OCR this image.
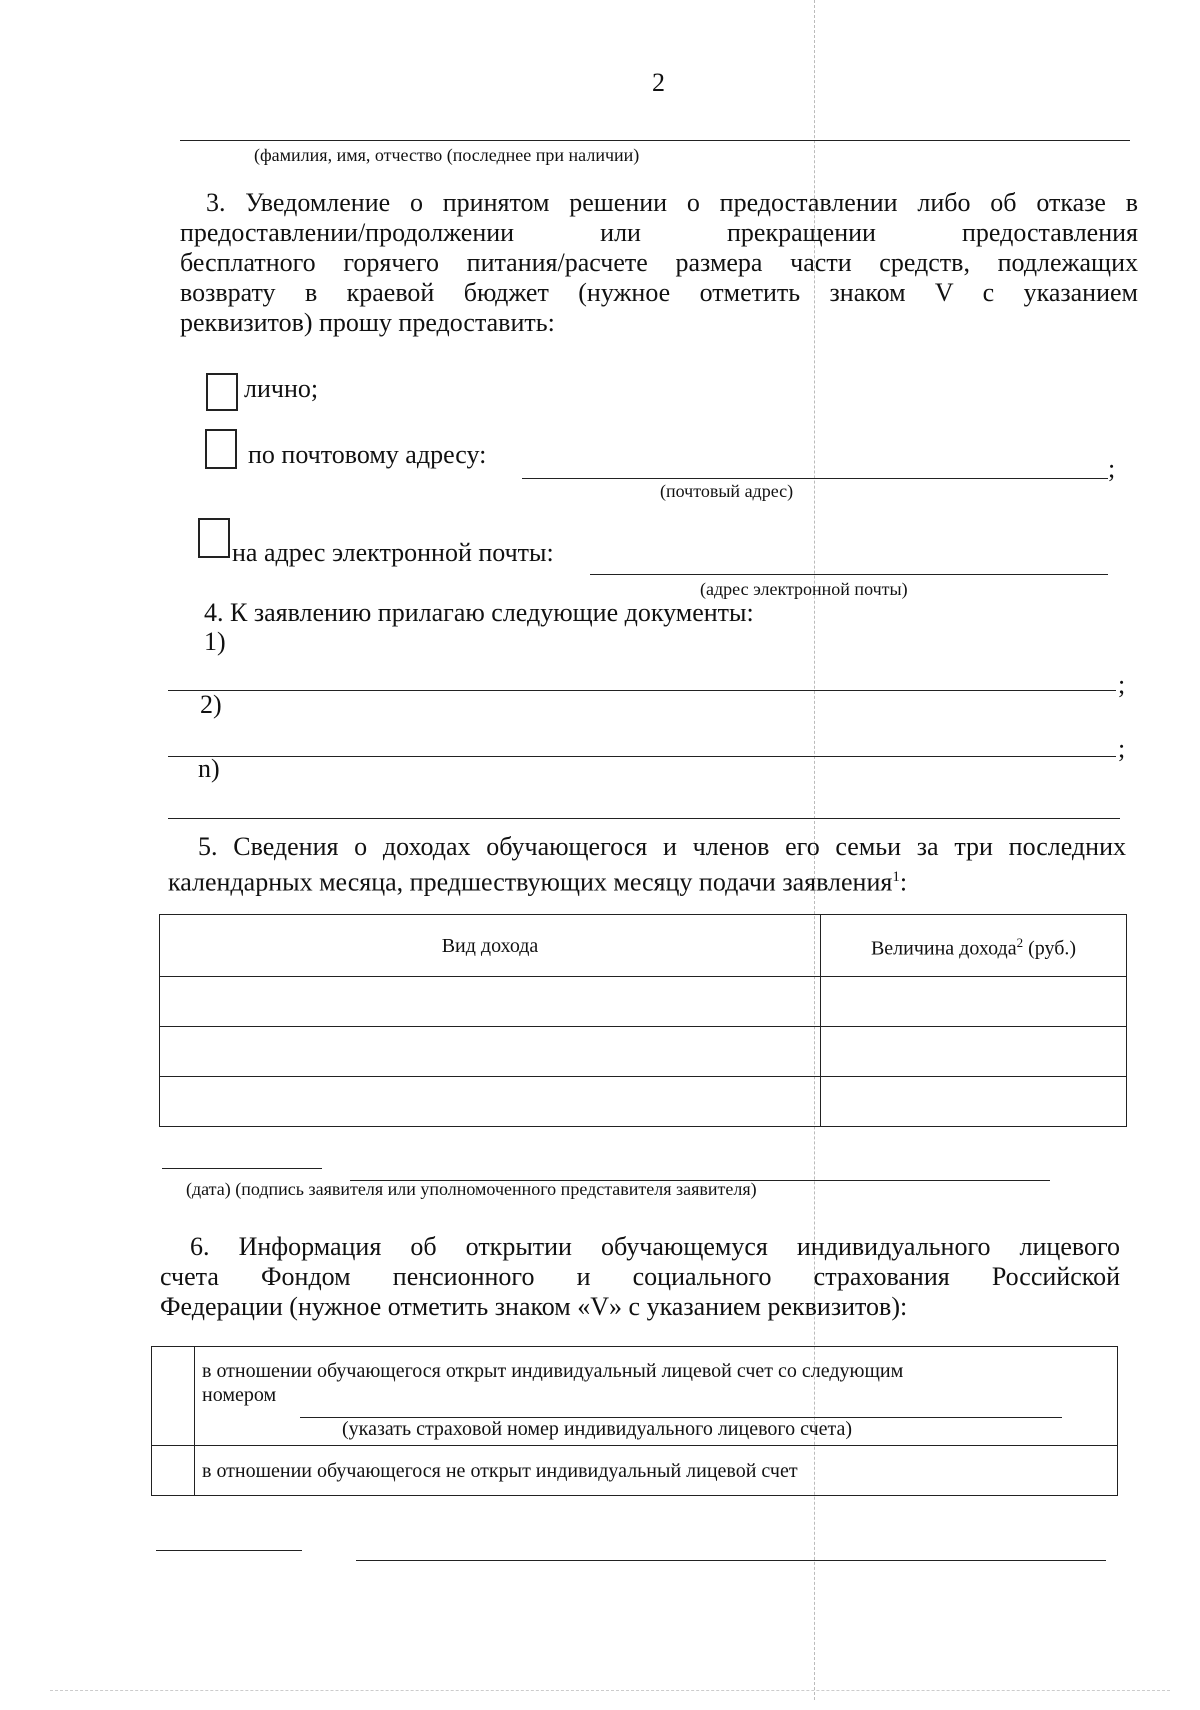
2
(фамилия, имя, отчество (последнее при наличии)
3. Уведомление о принятом решении о предоставлении либо об отказе в
предоставлении/продолжении или прекращении предоставления
бесплатного горячего питания/расчете размера части средств, подлежащих
возврату в краевой бюджет (нужное отметить знаком V с указанием
реквизитов) прошу предоставить:
лично;
по почтовому адресу:	;
(почтовый адрес)
на адрес электронной почты:
(адрес электронной почты)
4. К заявлению прилагаю следующие документы:
1)
;
2)
;
n)
5. Сведения о доходах обучающегося и членов его семьи за три последних
календарных месяца, предшествующих месяцу подачи заявления$^1$:
Вид дохода	Величина дохода$^2$ (руб.)

(дата) (подпись заявителя или уполномоченного представителя заявителя)
6. Информация об открытии обучающемуся индивидуального лицевого
счета Фондом пенсионного и социального страхования Российской
Федерации (нужное отметить знаком «V» с указанием реквизитов):
в отношении обучающегося открыт индивидуальный лицевой счет со следующим
номером
(указать страховой номер индивидуального лицевого счета)
в отношении обучающегося не открыт индивидуальный лицевой счет
